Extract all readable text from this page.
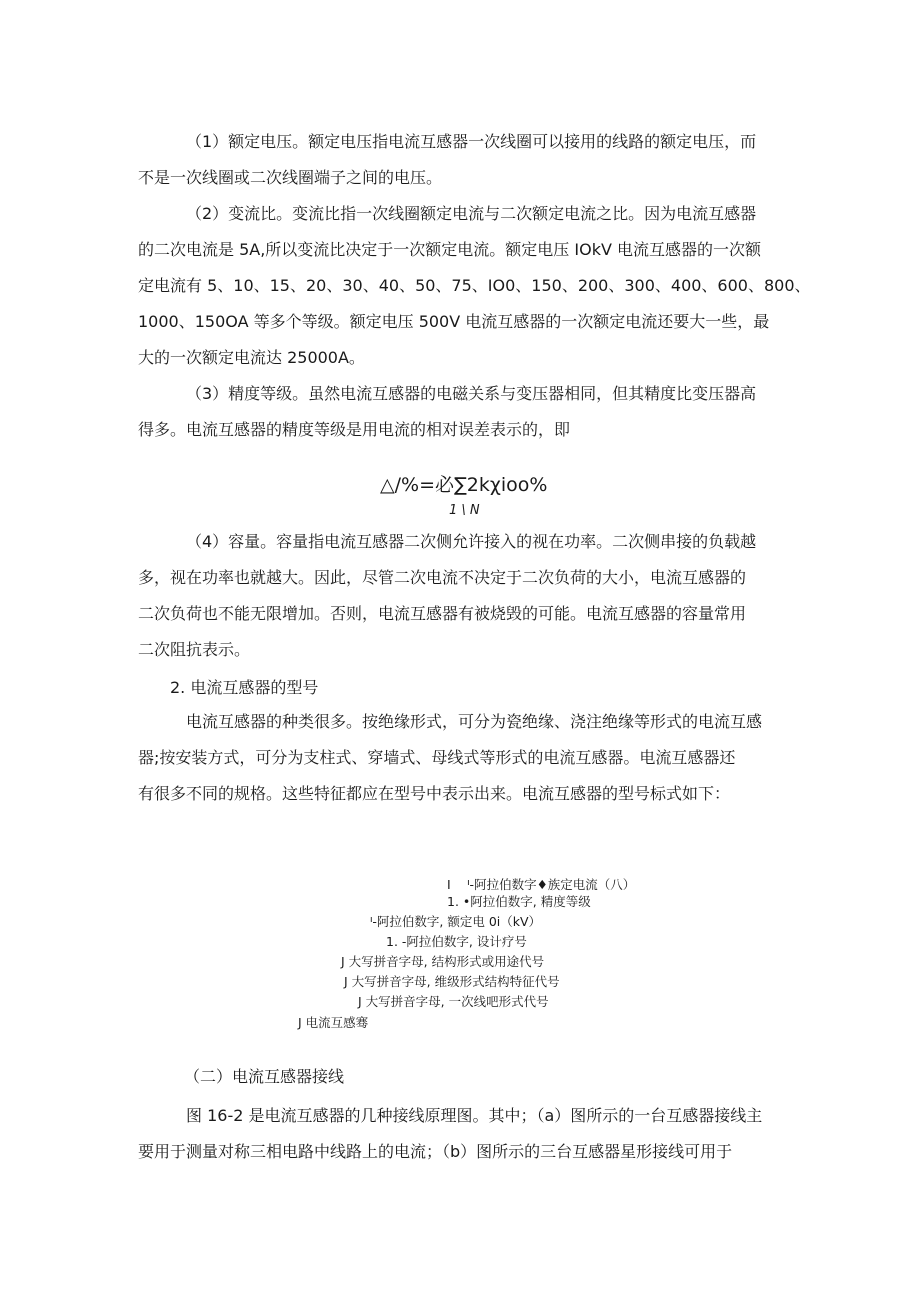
（1）额定电压。额定电压指电流互感器一次线圈可以接用的线路的额定电压，而
不是一次线圈或二次线圈端子之间的电压。
（2）变流比。变流比指一次线圈额定电流与二次额定电流之比。因为电流互感器
的二次电流是 5A,所以变流比决定于一次额定电流。额定电压 IOkV 电流互感器的一次额
定电流有 5、10、15、20、30、40、50、75、IO0、150、200、300、400、600、800、
1000、150OA 等多个等级。额定电压 500V 电流互感器的一次额定电流还要大一些，最
大的一次额定电流达 25000A。
（3）精度等级。虽然电流互感器的电磁关系与变压器相同，但其精度比变压器高
得多。电流互感器的精度等级是用电流的相对误差表示的，即
△/%=必∑2kχioo%
1 \ N
（4）容量。容量指电流互感器二次侧允许接入的视在功率。二次侧串接的负载越
多，视在功率也就越大。因此，尽管二次电流不决定于二次负荷的大小，电流互感器的
二次负荷也不能无限增加。否则，电流互感器有被烧毁的可能。电流互感器的容量常用
二次阻抗表示。
2. 电流互感器的型号
电流互感器的种类很多。按绝缘形式，可分为瓷绝缘、浇注绝缘等形式的电流互感
器;按安装方式，可分为支柱式、穿墙式、母线式等形式的电流互感器。电流互感器还
有很多不同的规格。这些特征都应在型号中表示出来。电流互感器的型号标式如下：
I　 ᑊ-阿拉伯数字♦族定电流（八）
1. •阿拉伯数字, 精度等级
ᑊ-阿拉伯数字, 额定电 0i（kV）
1. -阿拉伯数字, 设计疗号
J 大写拼音字母, 结构形式或用途代号
J 大写拼音字母, 维级形式结构特征代号
J 大写拼音字母, 一次线吧形式代号
J 电流互感骞
（二）电流互感器接线
图 16-2 是电流互感器的几种接线原理图。其中；（a）图所示的一台互感器接线主
要用于测量对称三相电路中线路上的电流；（b）图所示的三台互感器星形接线可用于
